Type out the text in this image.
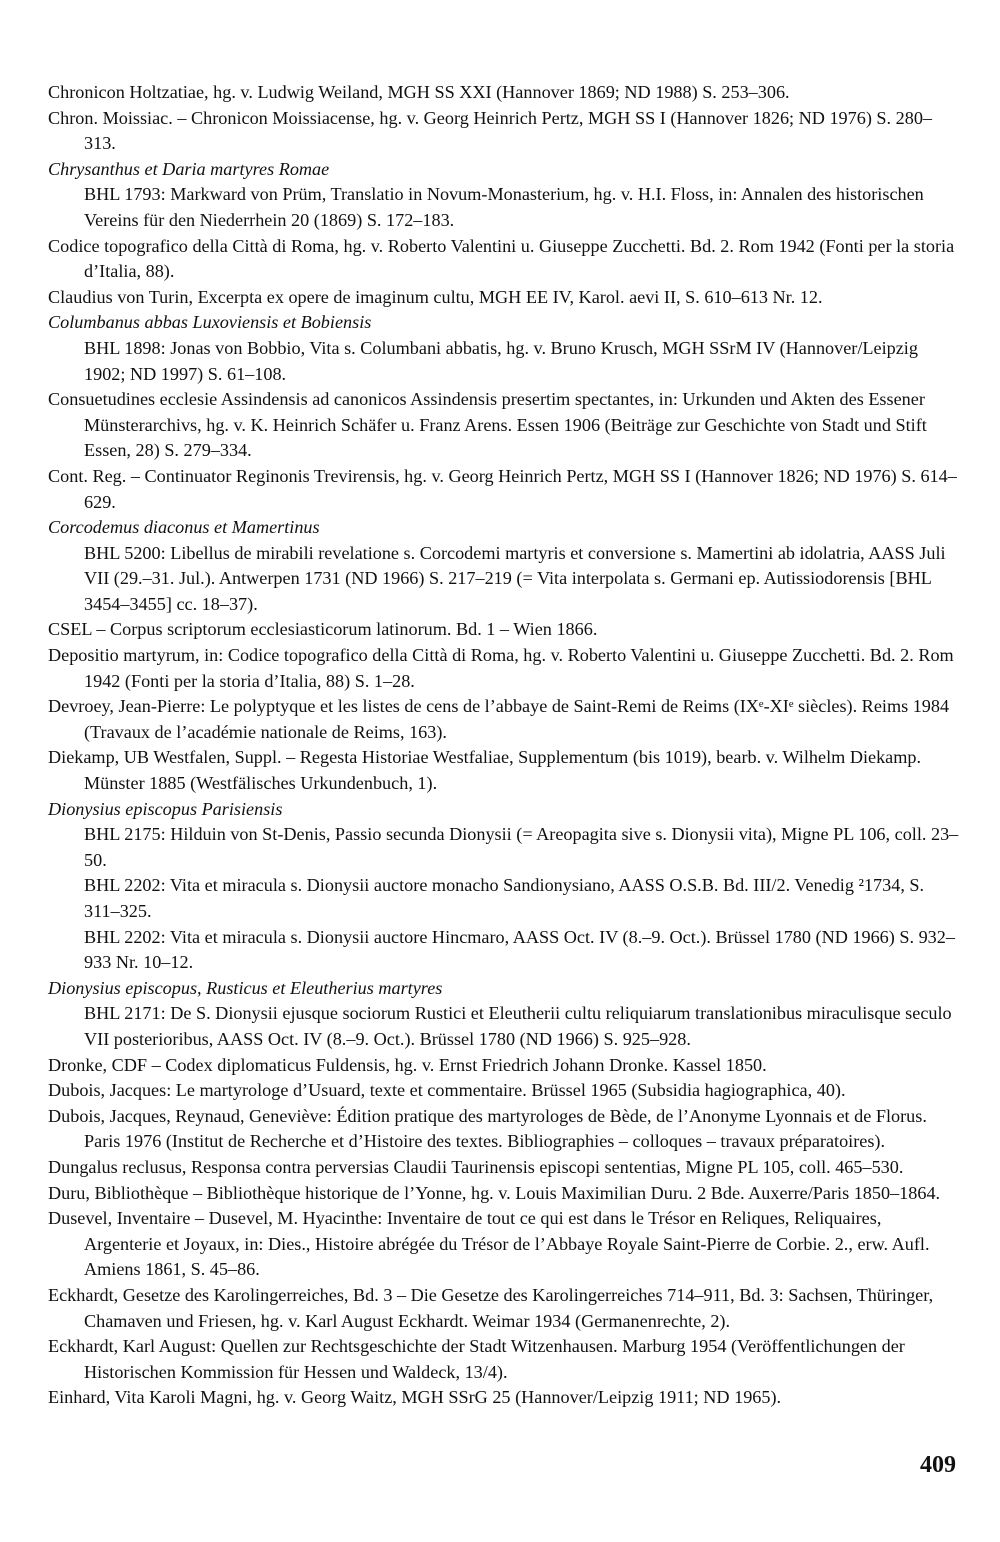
Chronicon Holtzatiae, hg. v. Ludwig Weiland, MGH SS XXI (Hannover 1869; ND 1988) S. 253–306.
Chron. Moissiac. – Chronicon Moissiacense, hg. v. Georg Heinrich Pertz, MGH SS I (Hannover 1826; ND 1976) S. 280–313.
Chrysanthus et Daria martyres Romae
BHL 1793: Markward von Prüm, Translatio in Novum-Monasterium, hg. v. H.I. Floss, in: Annalen des historischen Vereins für den Niederrhein 20 (1869) S. 172–183.
Codice topografico della Città di Roma, hg. v. Roberto Valentini u. Giuseppe Zucchetti. Bd. 2. Rom 1942 (Fonti per la storia d’Italia, 88).
Claudius von Turin, Excerpta ex opere de imaginum cultu, MGH EE IV, Karol. aevi II, S. 610–613 Nr. 12.
Columbanus abbas Luxoviensis et Bobiensis
BHL 1898: Jonas von Bobbio, Vita s. Columbani abbatis, hg. v. Bruno Krusch, MGH SSrM IV (Hannover/Leipzig 1902; ND 1997) S. 61–108.
Consuetudines ecclesie Assindensis ad canonicos Assindensis presertim spectantes, in: Urkunden und Akten des Essener Münsterarchivs, hg. v. K. Heinrich Schäfer u. Franz Arens. Essen 1906 (Beiträge zur Geschichte von Stadt und Stift Essen, 28) S. 279–334.
Cont. Reg. – Continuator Reginonis Trevirensis, hg. v. Georg Heinrich Pertz, MGH SS I (Hannover 1826; ND 1976) S. 614–629.
Corcodemus diaconus et Mamertinus
BHL 5200: Libellus de mirabili revelatione s. Corcodemi martyris et conversione s. Mamertini ab idolatria, AASS Juli VII (29.–31. Jul.). Antwerpen 1731 (ND 1966) S. 217–219 (= Vita interpolata s. Germani ep. Autissiodorensis [BHL 3454–3455] cc. 18–37).
CSEL – Corpus scriptorum ecclesiasticorum latinorum. Bd. 1 – Wien 1866.
Depositio martyrum, in: Codice topografico della Città di Roma, hg. v. Roberto Valentini u. Giuseppe Zucchetti. Bd. 2. Rom 1942 (Fonti per la storia d’Italia, 88) S. 1–28.
Devroey, Jean-Pierre: Le polyptyque et les listes de cens de l’abbaye de Saint-Remi de Reims (IXᵉ-XIᵉ siècles). Reims 1984 (Travaux de l’académie nationale de Reims, 163).
Diekamp, UB Westfalen, Suppl. – Regesta Historiae Westfaliae, Supplementum (bis 1019), bearb. v. Wilhelm Diekamp. Münster 1885 (Westfälisches Urkundenbuch, 1).
Dionysius episcopus Parisiensis
BHL 2175: Hilduin von St-Denis, Passio secunda Dionysii (= Areopagita sive s. Dionysii vita), Migne PL 106, coll. 23–50.
BHL 2202: Vita et miracula s. Dionysii auctore monacho Sandionysiano, AASS O.S.B. Bd. III/2. Venedig ²1734, S. 311–325.
BHL 2202: Vita et miracula s. Dionysii auctore Hincmaro, AASS Oct. IV (8.–9. Oct.). Brüssel 1780 (ND 1966) S. 932–933 Nr. 10–12.
Dionysius episcopus, Rusticus et Eleutherius martyres
BHL 2171: De S. Dionysii ejusque sociorum Rustici et Eleutherii cultu reliquiarum translationibus miraculisque seculo VII posterioribus, AASS Oct. IV (8.–9. Oct.). Brüssel 1780 (ND 1966) S. 925–928.
Dronke, CDF – Codex diplomaticus Fuldensis, hg. v. Ernst Friedrich Johann Dronke. Kassel 1850.
Dubois, Jacques: Le martyrologe d’Usuard, texte et commentaire. Brüssel 1965 (Subsidia hagiographica, 40).
Dubois, Jacques, Reynaud, Geneviève: Édition pratique des martyrologes de Bède, de l’Anonyme Lyonnais et de Florus. Paris 1976 (Institut de Recherche et d’Histoire des textes. Bibliographies – colloques – travaux préparatoires).
Dungalus reclusus, Responsa contra perversias Claudii Taurinensis episcopi sententias, Migne PL 105, coll. 465–530.
Duru, Bibliothèque – Bibliothèque historique de l’Yonne, hg. v. Louis Maximilian Duru. 2 Bde. Auxerre/Paris 1850–1864.
Dusevel, Inventaire – Dusevel, M. Hyacinthe: Inventaire de tout ce qui est dans le Trésor en Reliques, Reliquaires, Argenterie et Joyaux, in: Dies., Histoire abrégée du Trésor de l’Abbaye Royale Saint-Pierre de Corbie. 2., erw. Aufl. Amiens 1861, S. 45–86.
Eckhardt, Gesetze des Karolingerreiches, Bd. 3 – Die Gesetze des Karolingerreiches 714–911, Bd. 3: Sachsen, Thüringer, Chamaven und Friesen, hg. v. Karl August Eckhardt. Weimar 1934 (Germanenrechte, 2).
Eckhardt, Karl August: Quellen zur Rechtsgeschichte der Stadt Witzenhausen. Marburg 1954 (Veröffentlichungen der Historischen Kommission für Hessen und Waldeck, 13/4).
Einhard, Vita Karoli Magni, hg. v. Georg Waitz, MGH SSrG 25 (Hannover/Leipzig 1911; ND 1965).
409
